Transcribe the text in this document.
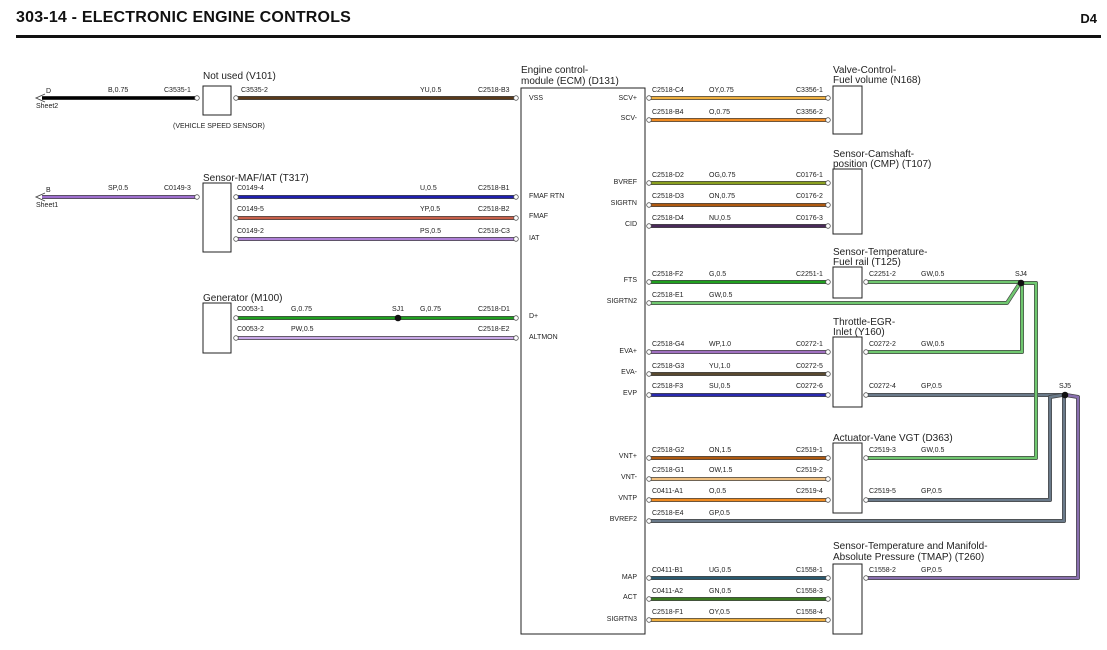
303-14 - ELECTRONIC ENGINE CONTROLS	D4
Not used (V101)
(VEHICLE SPEED SENSOR)
Sensor-MAF/IAT (T317)
Generator (M100)
Engine control-
module (ECM) (D131)
Valve-Control-
Fuel volume (N168)
Sensor-Camshaft-
position (CMP) (T107)
Sensor-Temperature-
Fuel rail (T125)
Throttle-EGR-
Inlet (Y160)
Actuator-Vane VGT (D363)
Sensor-Temperature and Manifold-
Absolute Pressure (TMAP) (T260)
VSS
FMAF RTN
FMAF
IAT
D+
ALTMON
SCV+
SCV-
BVREF
SIGRTN
CID
FTS
SIGRTN2
EVA+
EVA-
EVP
VNT+
VNT-
VNTP
BVREF2
MAP
ACT
SIGRTN3
D
Sheet2
B
Sheet1
B,0.75	C3535-1	YU,0.5
C3535-2	C2518-B3
SP,0.5	C0149-3	U,0.5
C0149-4	C2518-B1
YP,0.5
C0149-5	C2518-B2
PS,0.5
C0149-2	C2518-C3
G,0.75
C0053-1	G,0.75	C2518-D1
PW,0.5
C0053-2	C2518-E2
OY,0.75
C2518-C4	C3356-1
O,0.75
C2518-B4	C3356-2
OG,0.75
C2518-D2	C0176-1
ON,0.75
C2518-D3	C0176-2
NU,0.5
C2518-D4	C0176-3
G,0.5
C2518-F2	C2251-1	GW,0.5
C2251-2
GW,0.5
C2518-E1
WP,1.0
C2518-G4	C0272-1
YU,1.0
C2518-G3	C0272-5
SU,0.5
C2518-F3	C0272-6
GW,0.5
C0272-2
GP,0.5
C0272-4
ON,1.5
C2518-G2	C2519-1
OW,1.5
C2518-G1	C2519-2
O,0.5
C0411-A1	C2519-4
GP,0.5
C2518-E4
GW,0.5
C2519-3
GP,0.5
C2519-5
UG,0.5
C0411-B1	C1558-1
GN,0.5
C0411-A2	C1558-3
OY,0.5
C2518-F1	C1558-4
GP,0.5
C1558-2
SJ1
SJ4
SJ5
